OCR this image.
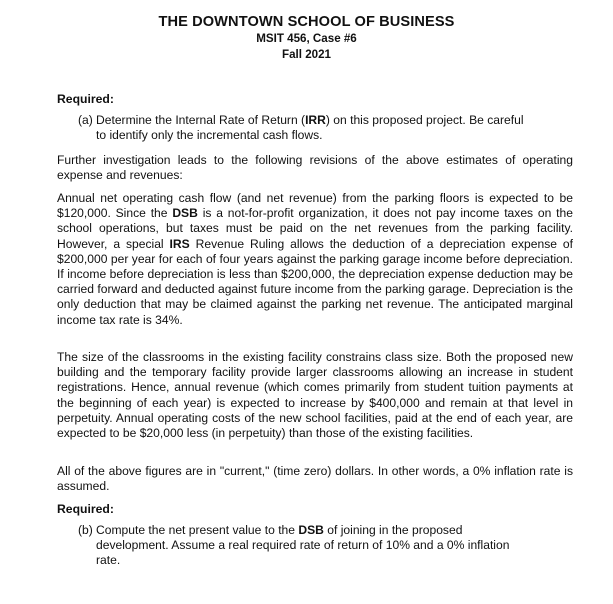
THE DOWNTOWN SCHOOL OF BUSINESS
MSIT 456, Case #6
Fall 2021
Required:
(a) Determine the Internal Rate of Return (IRR) on this proposed project. Be careful
to identify only the incremental cash flows.
Further investigation leads to the following revisions of the above estimates of operating expense and revenues:
Annual net operating cash flow (and net revenue) from the parking floors is expected to be $120,000. Since the DSB is a not-for-profit organization, it does not pay income taxes on the school operations, but taxes must be paid on the net revenues from the parking facility. However, a special IRS Revenue Ruling allows the deduction of a depreciation expense of $200,000 per year for each of four years against the parking garage income before depreciation. If income before depreciation is less than $200,000, the depreciation expense deduction may be carried forward and deducted against future income from the parking garage. Depreciation is the only deduction that may be claimed against the parking net revenue. The anticipated marginal income tax rate is 34%.
The size of the classrooms in the existing facility constrains class size. Both the proposed new building and the temporary facility provide larger classrooms allowing an increase in student registrations. Hence, annual revenue (which comes primarily from student tuition payments at the beginning of each year) is expected to increase by $400,000 and remain at that level in perpetuity. Annual operating costs of the new school facilities, paid at the end of each year, are expected to be $20,000 less (in perpetuity) than those of the existing facilities.
All of the above figures are in "current," (time zero) dollars. In other words, a 0% inflation rate is assumed.
Required:
(b) Compute the net present value to the DSB of joining in the proposed
development. Assume a real required rate of return of 10% and a 0% inflation
rate.
